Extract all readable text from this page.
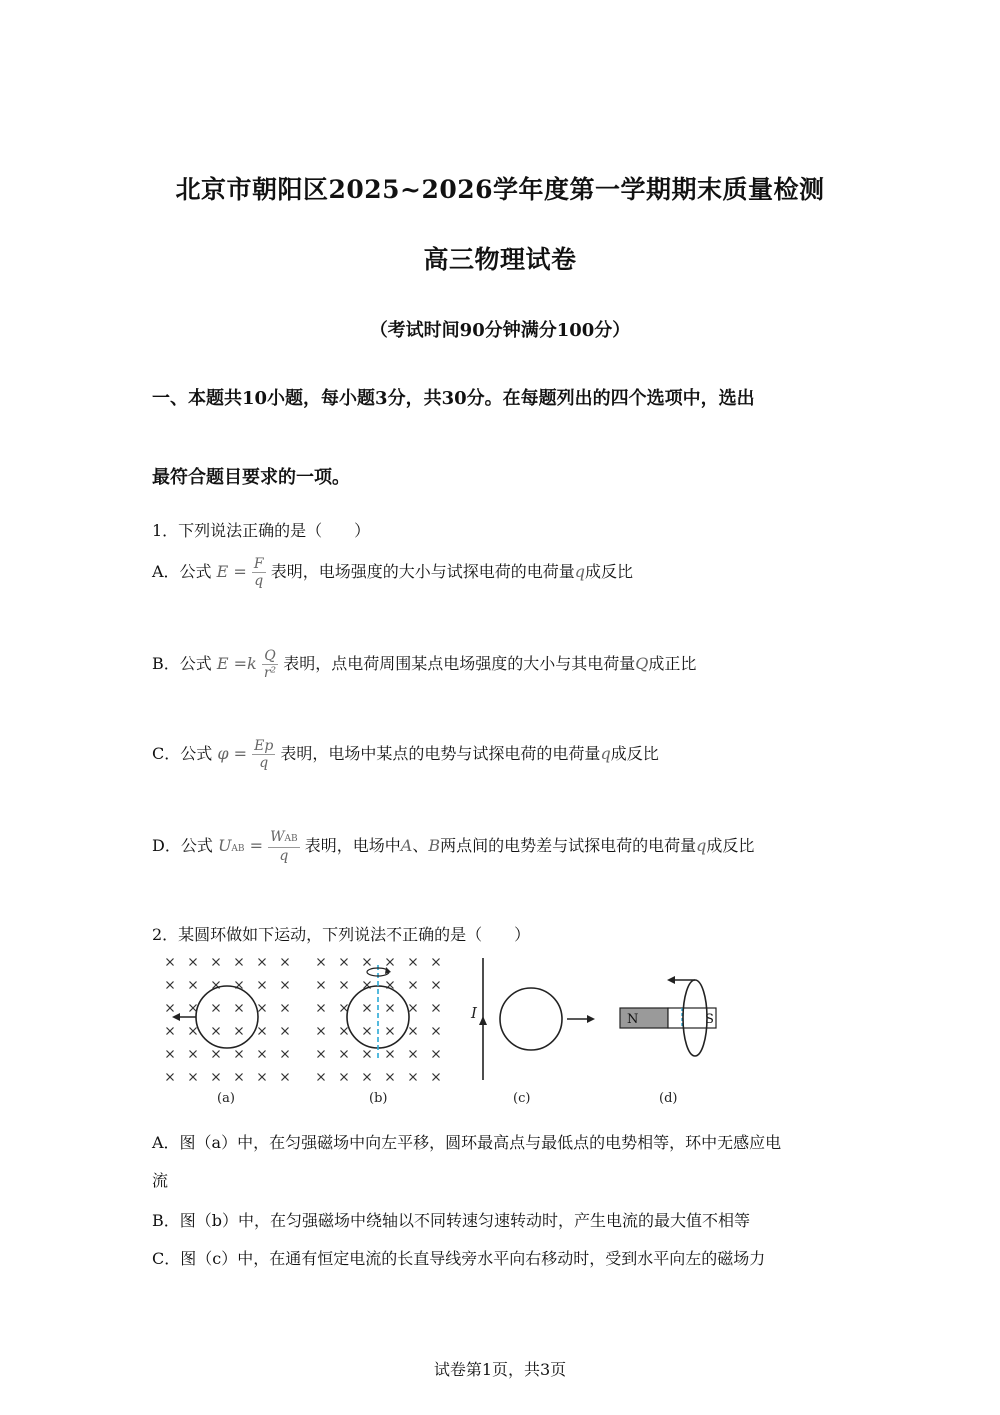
北京市朝阳区2025~2026学年度第一学期期末质量检测
高三物理试卷
（考试时间90分钟满分100分）
一、本题共10小题，每小题3分，共30分。在每题列出的四个选项中，选出
最符合题目要求的一项。
1．下列说法正确的是（　　）
A．公式 $E = \frac{F}{q}$ 表明，电场强度的大小与试探电荷的电荷量q成反比
B．公式 $E =k \frac{Q}{\text{r²}}$ 表明，点电荷周围某点电场强度的大小与其电荷量Q成正比
C．公式 $\varphi = \frac{Ep}{q}$ 表明，电场中某点的电势与试探电荷的电荷量q成反比
D．公式 UAB = $\frac{\text{WAB}}{q}$ 表明，电场中A、B两点间的电势差与试探电荷的电荷量q成反比
2．某圆环做如下运动，下列说法不正确的是（　　）
I	N	S
(a)	(b)	(c)	(d)
A．图（a）中，在匀强磁场中向左平移，圆环最高点与最低点的电势相等，环中无感应电
流
B．图（b）中，在匀强磁场中绕轴以不同转速匀速转动时，产生电流的最大值不相等
C．图（c）中，在通有恒定电流的长直导线旁水平向右移动时，受到水平向左的磁场力
试卷第1页，共3页
